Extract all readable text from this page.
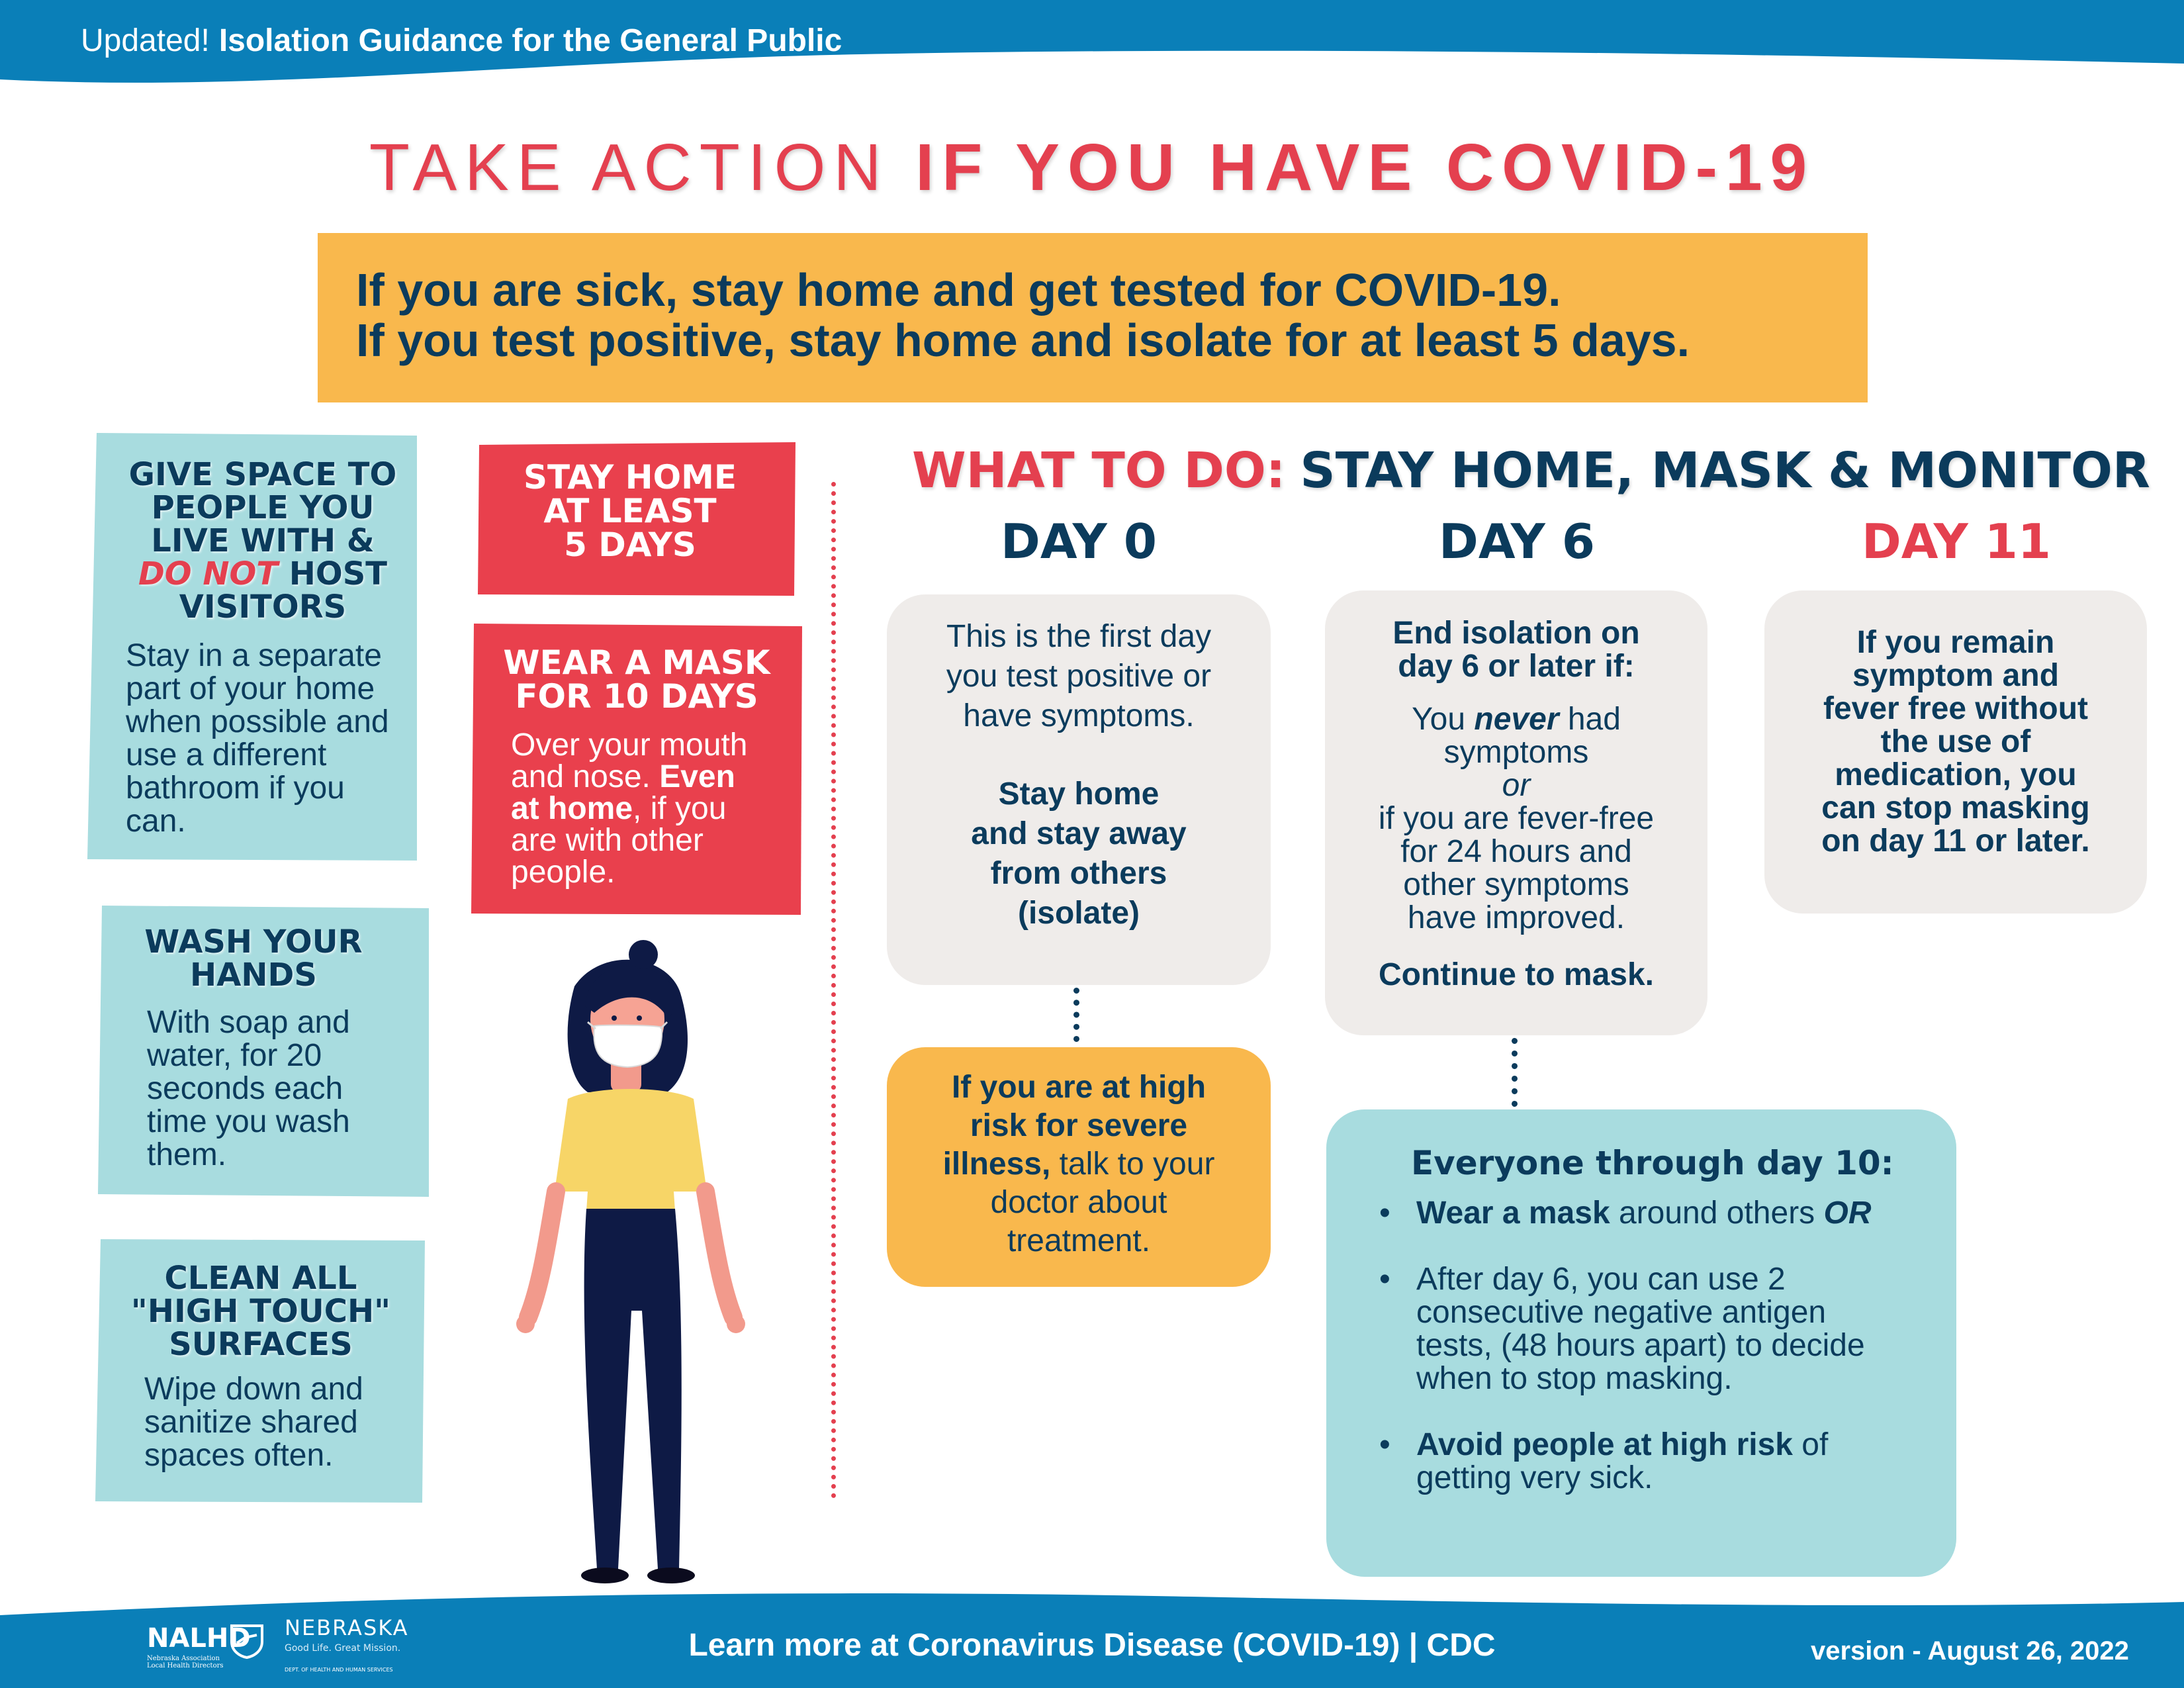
Updated! Isolation Guidance for the General Public
TAKE ACTION IF YOU HAVE COVID-19
If you are sick, stay home and get tested for COVID-19.
If you test positive, stay home and isolate for at least 5 days.
GIVE SPACE TO
PEOPLE YOU
LIVE WITH &
DO NOT HOST
VISITORS
Stay in a separate
part of your home
when possible and
use a different
bathroom if you
can.
WASH YOUR
HANDS
With soap and
water, for 20
seconds each
time you wash
them.
CLEAN ALL
"HIGH TOUCH"
SURFACES
Wipe down and
sanitize shared
spaces often.
STAY HOME
AT LEAST
5 DAYS
WEAR A MASK
FOR 10 DAYS
Over your mouth
and nose. Even
at home, if you
are with other
people.
WHAT TO DO: STAY HOME, MASK & MONITOR
DAY 0	DAY 6	DAY 11

This is the first day

you test positive or

have symptoms.

Stay home

and stay away

from others

(isolate)

If you are at high
risk for severe
illness, talk to your
doctor about
treatment.

End isolation on

day 6 or later if:

You never had

symptoms

or

if you are fever-free

for 24 hours and

other symptoms

have improved.

Continue to mask.

If you remain

symptom and

fever free without

the use of

medication, you

can stop masking

on day 11 or later.

Everyone through day 10:
• Wear a mask around others OR
• After day 6, you can use 2
consecutive negative antigen
tests, (48 hours apart) to decide
when to stop masking.
• Avoid people at high risk of
getting very sick.
NALHD
Nebraska Association
Local Health Directors
NEBRASKA
Good Life. Great Mission.
DEPT. OF HEALTH AND HUMAN SERVICES
Learn more at Coronavirus Disease (COVID-19) | CDC	version - August 26, 2022
